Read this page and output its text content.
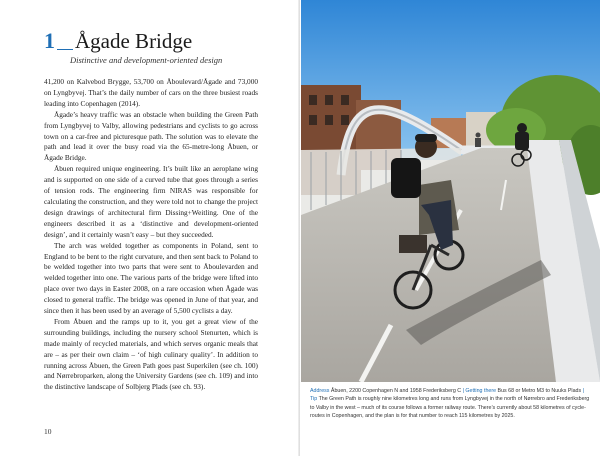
1 Ågade Bridge
Distinctive and development-oriented design

41,200 on Kalvebod Brygge, 53,700 on Åboulevard/Ågade and 73,000 on Lyngbyvej. That’s the daily number of cars on the three busiest roads leading into Copenhagen (2014).

Ågade’s heavy traffic was an obstacle when building the Green Path from Lyngbyvej to Valby, allowing pedestrians and cyclists to go across town on a car-free and picturesque path. The solution was to elevate the path and lead it over the busy road via the 65-metre-long Åbuen, or Ågade Bridge.

Åbuen required unique engineering. It’s built like an aeroplane wing and is supported on one side of a curved tube that goes through a series of tension rods. The engineering firm NIRAS was responsible for calculating the construction, and they were told not to change the project design drawings of architectural firm Dissing+Weitling. One of the engineers described it as a ‘distinctive and development-oriented design’, and it certainly wasn’t easy – but they succeeded.

The arch was welded together as components in Poland, sent to England to be bent to the right curvature, and then sent back to Poland to be welded together into two parts that were sent to Åboulevarden and welded together into one. The various parts of the bridge were lifted into place over two days in Easter 2008, on a rare occasion when Ågade was closed to general traffic. The bridge was opened in June of that year, and since then it has been used by an average of 5,500 cyclists a day.

From Åbuen and the ramps up to it, you get a great view of the surrounding buildings, including the nursery school Stenurten, which is made mainly of recycled materials, and which serves organic meals that are – as per their own claim – ‘of high culinary quality’. In addition to running across Åbuen, the Green Path goes past Superkilen (see ch. 100) and Nørrebroparken, along the University Gardens (see ch. 109) and into the distinctive landscape of Solbjerg Plads (see ch. 93).

10
Address Åbuen, 2200 Copenhagen N and 1958 Frederiksberg C | Getting there Bus 68 or Metro M3 to Nuuks Plads | Tip The Green Path is roughly nine kilometres long and runs from Lyngbyvej in the north of Nørrebro and Frederiksberg to Valby in the west – much of its course follows a former railway route. There’s currently about 58 kilometres of cycle-routes in Copenhagen, and the plan is for that number to reach 115 kilometres by 2025.
